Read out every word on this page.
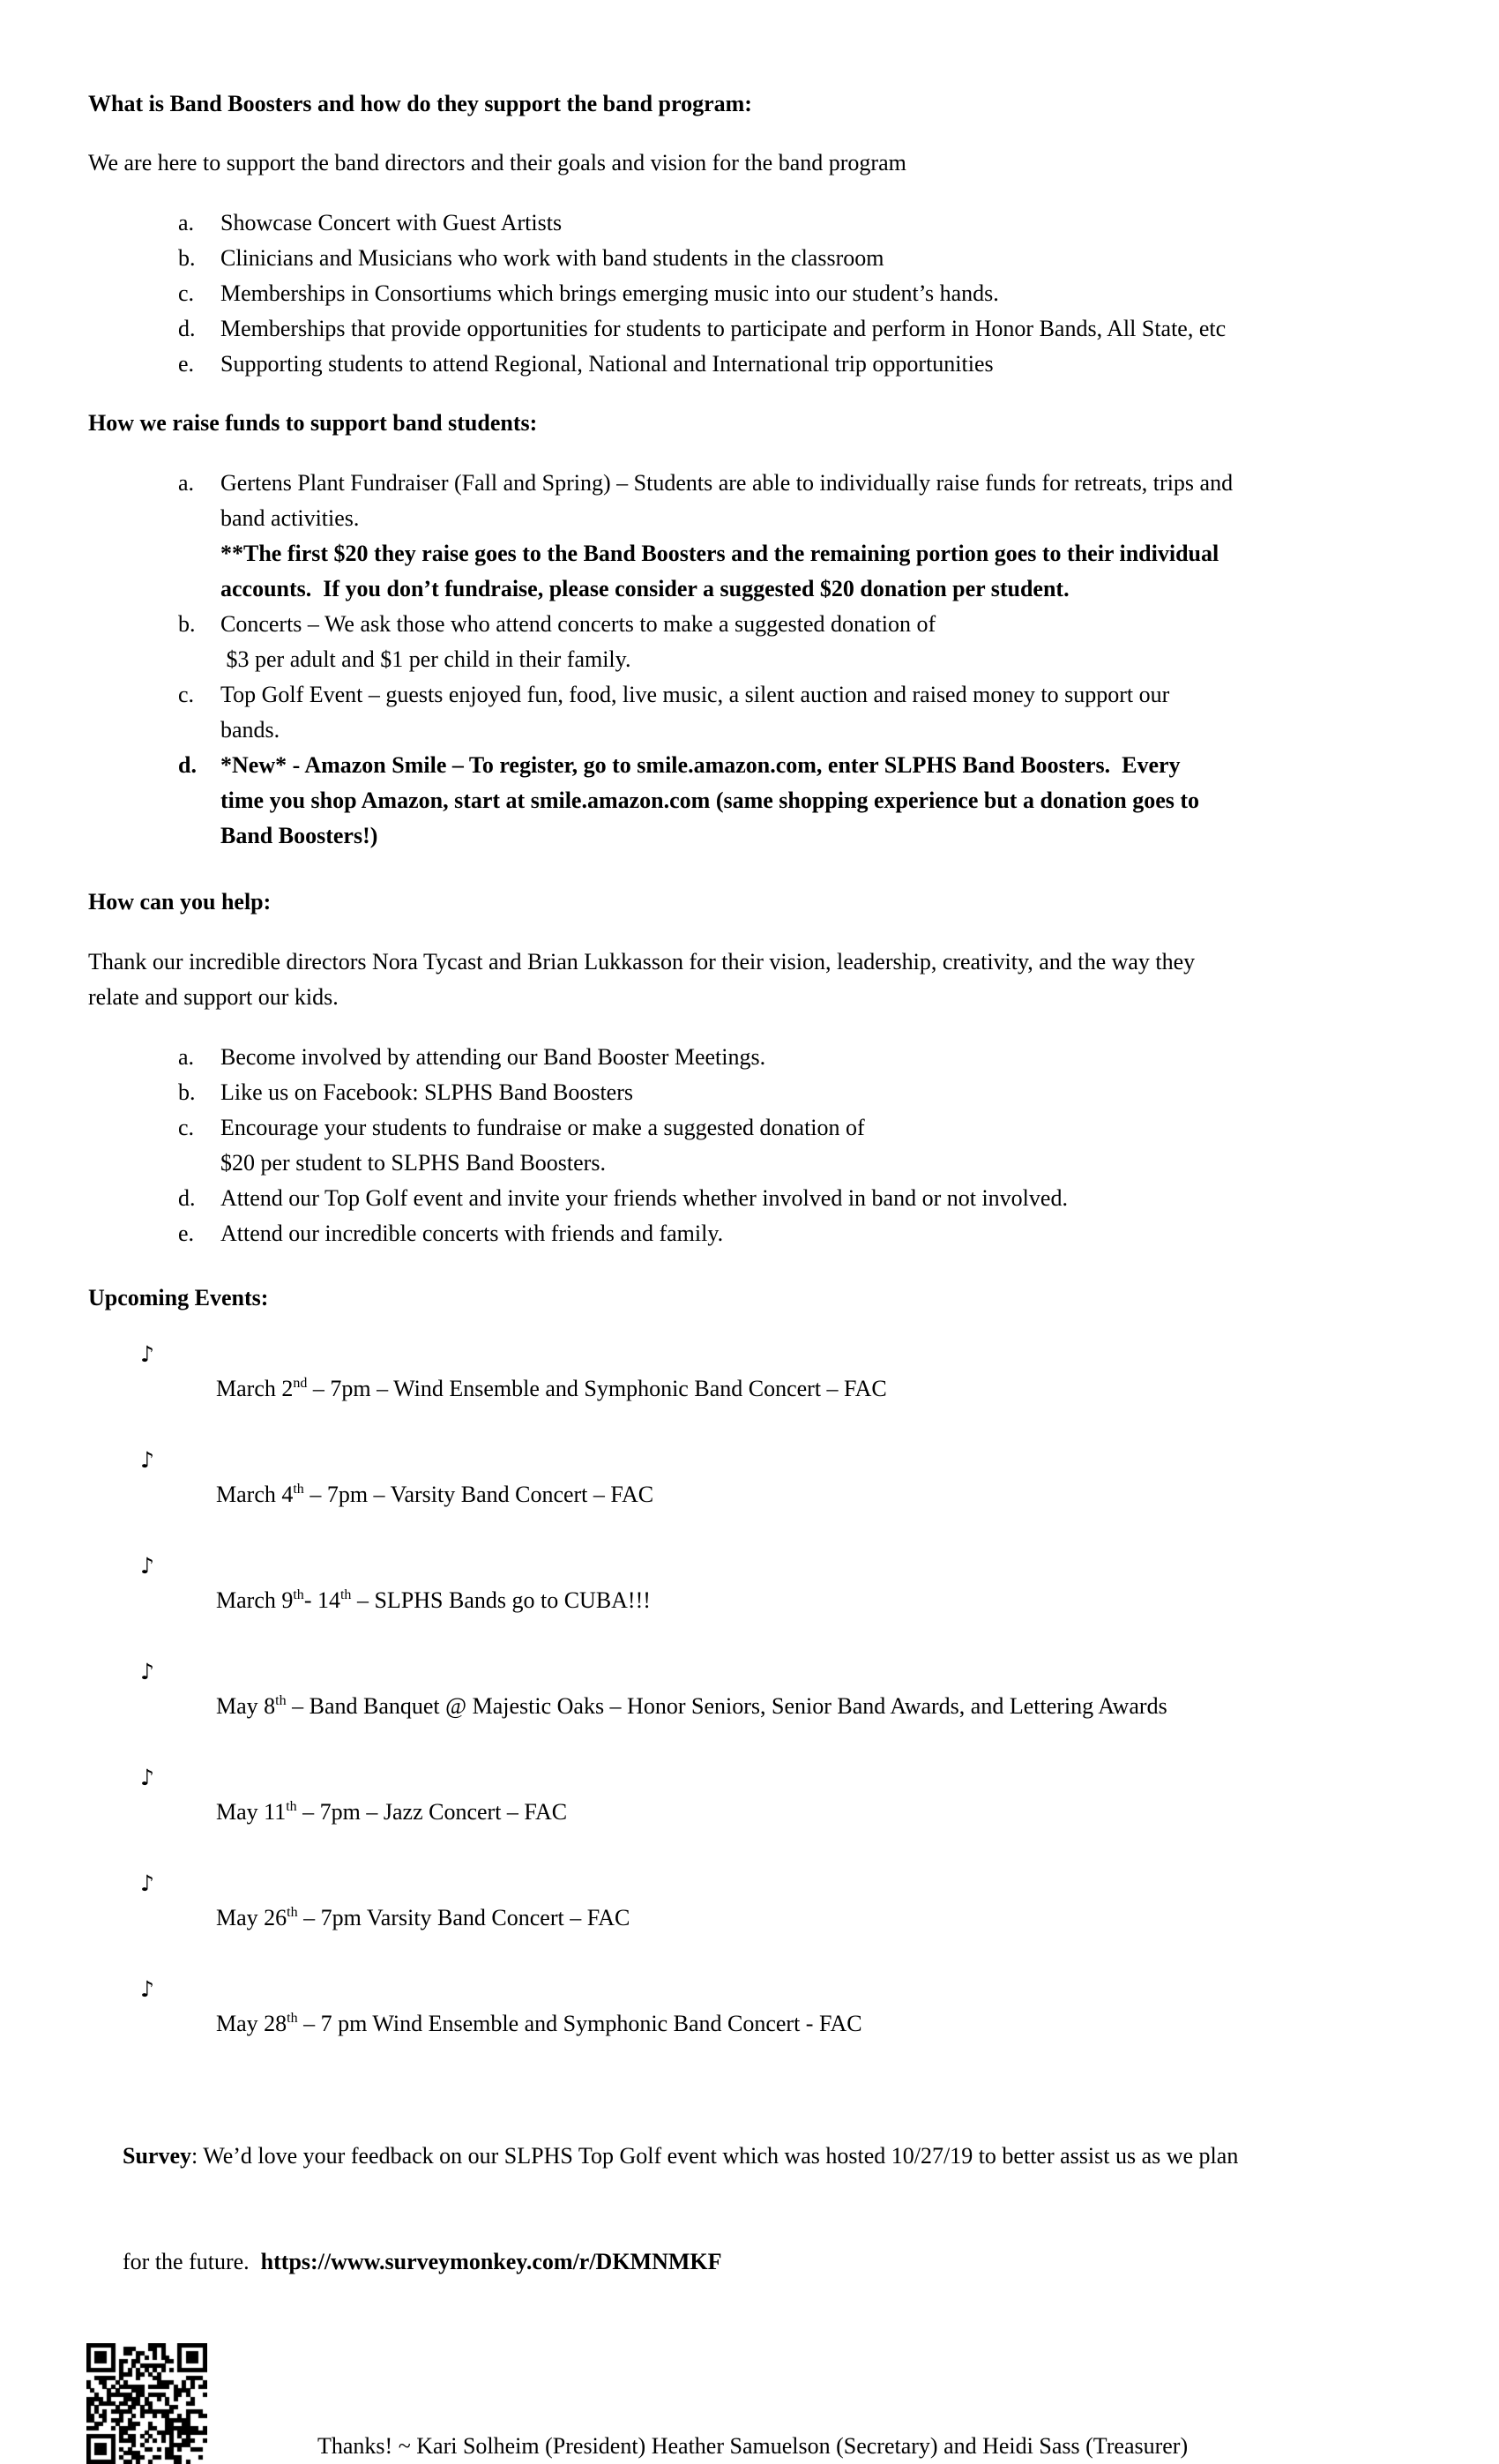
What is Band Boosters and how do they support the band program:
We are here to support the band directors and their goals and vision for the band program
a. Showcase Concert with Guest Artists
b. Clinicians and Musicians who work with band students in the classroom
c. Memberships in Consortiums which brings emerging music into our student’s hands.
d. Memberships that provide opportunities for students to participate and perform in Honor Bands, All State, etc
e. Supporting students to attend Regional, National and International trip opportunities
How we raise funds to support band students:
a. Gertens Plant Fundraiser (Fall and Spring) – Students are able to individually raise funds for retreats, trips and
band activities.
**The first $20 they raise goes to the Band Boosters and the remaining portion goes to their individual
accounts.  If you don’t fundraise, please consider a suggested $20 donation per student.
b. Concerts – We ask those who attend concerts to make a suggested donation of
$3 per adult and $1 per child in their family.
c. Top Golf Event – guests enjoyed fun, food, live music, a silent auction and raised money to support our
bands.
d. *New* - Amazon Smile – To register, go to smile.amazon.com, enter SLPHS Band Boosters.  Every
time you shop Amazon, start at smile.amazon.com (same shopping experience but a donation goes to
Band Boosters!)
How can you help:
Thank our incredible directors Nora Tycast and Brian Lukkasson for their vision, leadership, creativity, and the way they
relate and support our kids.
a. Become involved by attending our Band Booster Meetings.
b. Like us on Facebook: SLPHS Band Boosters
c. Encourage your students to fundraise or make a suggested donation of
$20 per student to SLPHS Band Boosters.
d. Attend our Top Golf event and invite your friends whether involved in band or not involved.
e. Attend our incredible concerts with friends and family.
Upcoming Events:

♪
March 2nd – 7pm – Wind Ensemble and Symphonic Band Concert – FAC

♪
March 4th – 7pm – Varsity Band Concert – FAC

♪
March 9th- 14th – SLPHS Bands go to CUBA!!!

♪
May 8th – Band Banquet @ Majestic Oaks – Honor Seniors, Senior Band Awards, and Lettering Awards

♪
May 11th – 7pm – Jazz Concert – FAC

♪
May 26th – 7pm Varsity Band Concert – FAC

♪
May 28th – 7 pm Wind Ensemble and Symphonic Band Concert - FAC

Survey: We’d love your feedback on our SLPHS Top Golf event which was hosted 10/27/19 to better assist us as we plan

for the future.  https://www.surveymonkey.com/r/DKMNMKF

Thanks! ~ Kari Solheim (President) Heather Samuelson (Secretary) and Heidi Sass (Treasurer)
